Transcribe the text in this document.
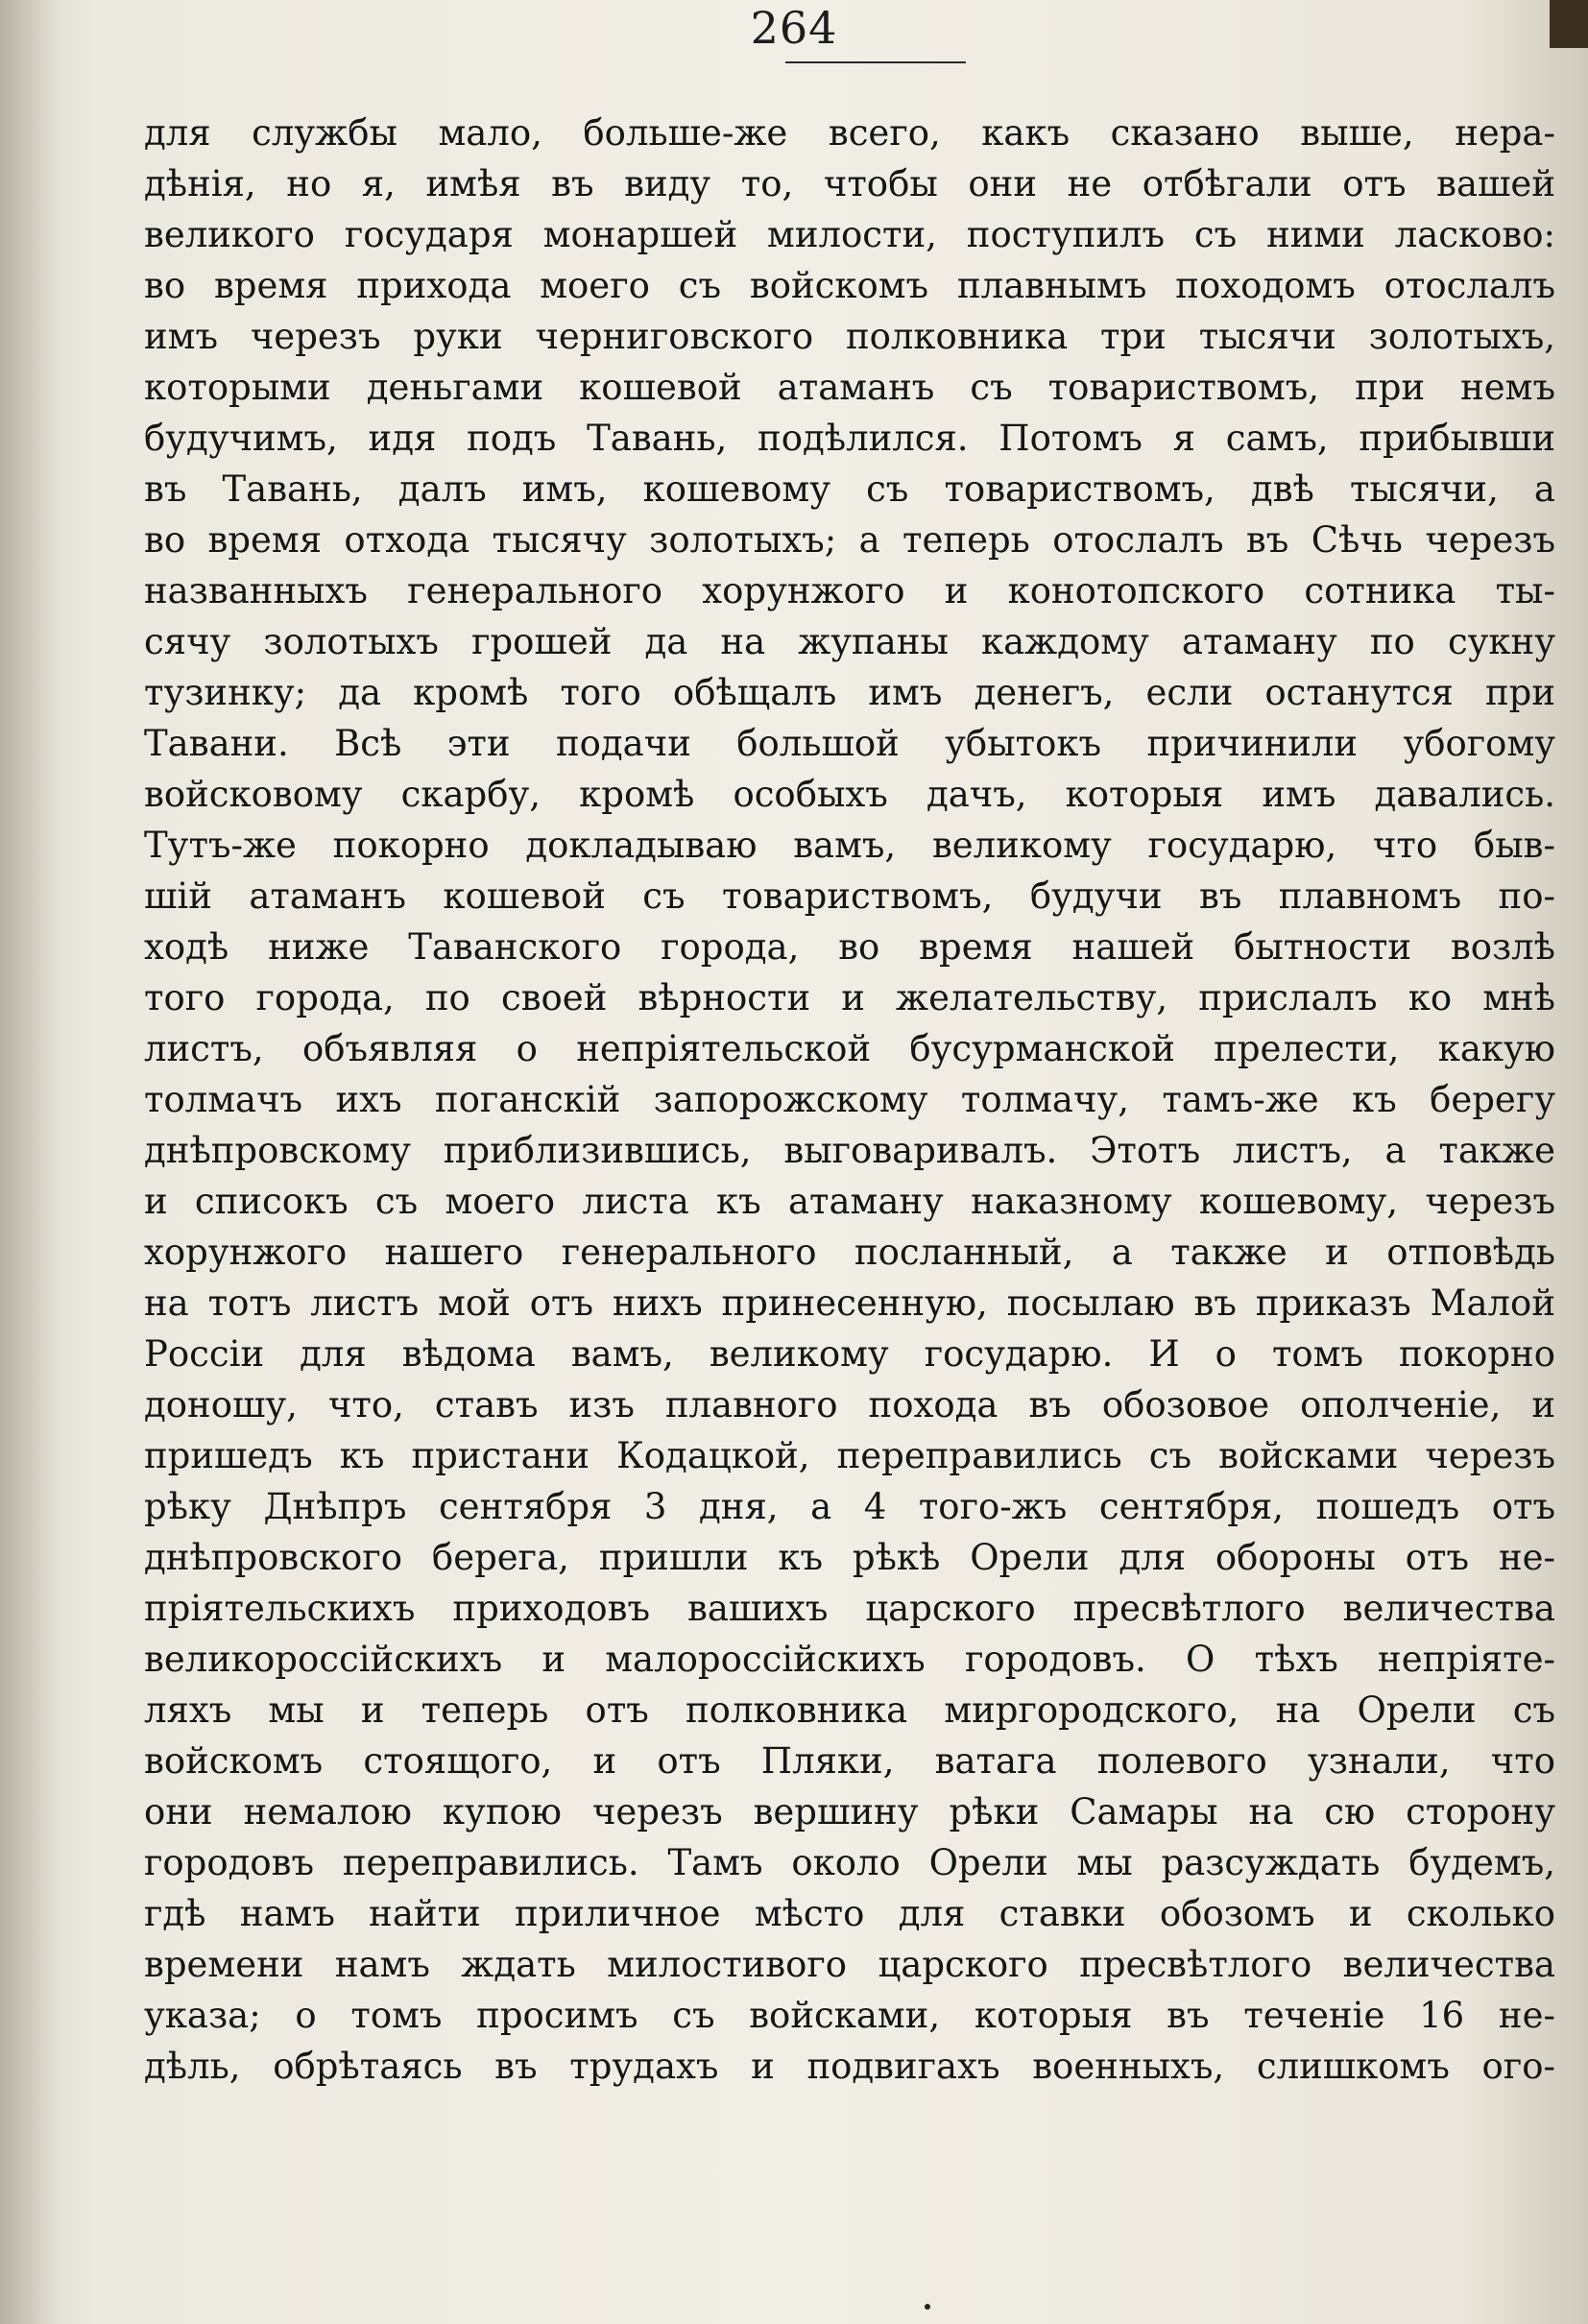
264
для службы мало, больше-же всего, какъ сказано выше, нера-
дѣнія, но я, имѣя въ виду то, чтобы они не отбѣгали отъ вашей
великого государя монаршей милости, поступилъ съ ними ласково:
во время прихода моего съ войскомъ плавнымъ походомъ отослалъ
имъ черезъ руки черниговского полковника три тысячи золотыхъ,
которыми деньгами кошевой атаманъ съ товариствомъ, при немъ
будучимъ, идя подъ Тавань, подѣлился. Потомъ я самъ, прибывши
въ Тавань, далъ имъ, кошевому съ товариствомъ, двѣ тысячи, а
во время отхода тысячу золотыхъ; а теперь отослалъ въ Сѣчь черезъ
названныхъ генерального хорунжого и конотопского сотника ты-
сячу золотыхъ грошей да на жупаны каждому атаману по сукну
тузинку; да кромѣ того обѣщалъ имъ денегъ, если останутся при
Тавани. Всѣ эти подачи большой убытокъ причинили убогому
войсковому скарбу, кромѣ особыхъ дачъ, которыя имъ давались.
Тутъ-же покорно докладываю вамъ, великому государю, что быв-
шій атаманъ кошевой съ товариствомъ, будучи въ плавномъ по-
ходѣ ниже Таванского города, во время нашей бытности возлѣ
того города, по своей вѣрности и желательству, прислалъ ко мнѣ
листъ, объявляя о непріятельской бусурманской прелести, какую
толмачъ ихъ поганскій запорожскому толмачу, тамъ-же къ берегу
днѣпровскому приблизившись, выговаривалъ. Этотъ листъ, а также
и списокъ съ моего листа къ атаману наказному кошевому, черезъ
хорунжого нашего генерального посланный, а также и отповѣдь
на тотъ листъ мой отъ нихъ принесенную, посылаю въ приказъ Малой
Россіи для вѣдома вамъ, великому государю. И о томъ покорно
доношу, что, ставъ изъ плавного похода въ обозовое ополченіе, и
пришедъ къ пристани Кодацкой, переправились съ войсками черезъ
рѣку Днѣпръ сентября 3 дня, а 4 того-жъ сентября, пошедъ отъ
днѣпровского берега, пришли къ рѣкѣ Орели для обороны отъ не-
пріятельскихъ приходовъ вашихъ царского пресвѣтлого величества
великороссійскихъ и малороссійскихъ городовъ. О тѣхъ непріяте-
ляхъ мы и теперь отъ полковника миргородского, на Орели съ
войскомъ стоящого, и отъ Пляки, ватага полевого узнали, что
они немалою купою черезъ вершину рѣки Самары на сю сторону
городовъ переправились. Тамъ около Орели мы разсуждать будемъ,
гдѣ намъ найти приличное мѣсто для ставки обозомъ и сколько
времени намъ ждать милостивого царского пресвѣтлого величества
указа; о томъ просимъ съ войсками, которыя въ теченіе 16 не-
дѣль, обрѣтаясь въ трудахъ и подвигахъ военныхъ, слишкомъ ого-
